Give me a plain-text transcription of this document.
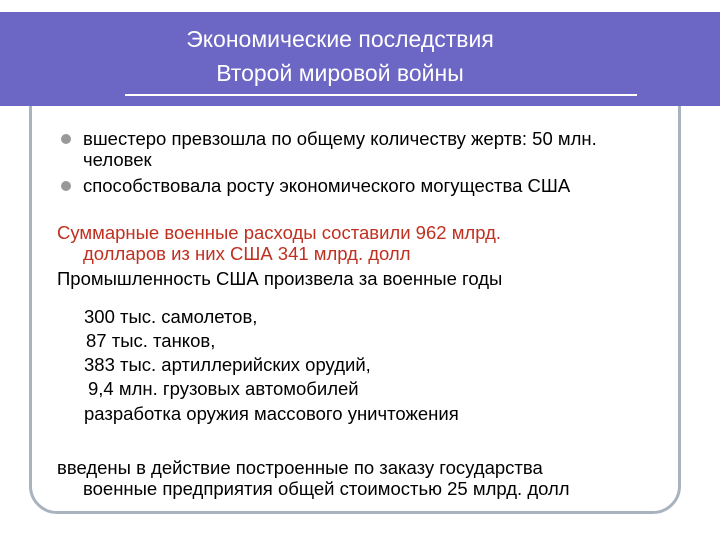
Экономические последствия
Второй мировой войны
вшестеро превзошла по общему количеству жертв: 50 млн.
человек
способствовала росту экономического могущества США
Суммарные военные расходы составили 962 млрд.
долларов из них США 341 млрд. долл
Промышленность США произвела за военные годы
300 тыс. самолетов,
87 тыс. танков,
383 тыс. артиллерийских орудий,
9,4 млн. грузовых автомобилей
разработка оружия массового уничтожения
введены в действие построенные по заказу государства
военные предприятия общей стоимостью 25 млрд. долл
